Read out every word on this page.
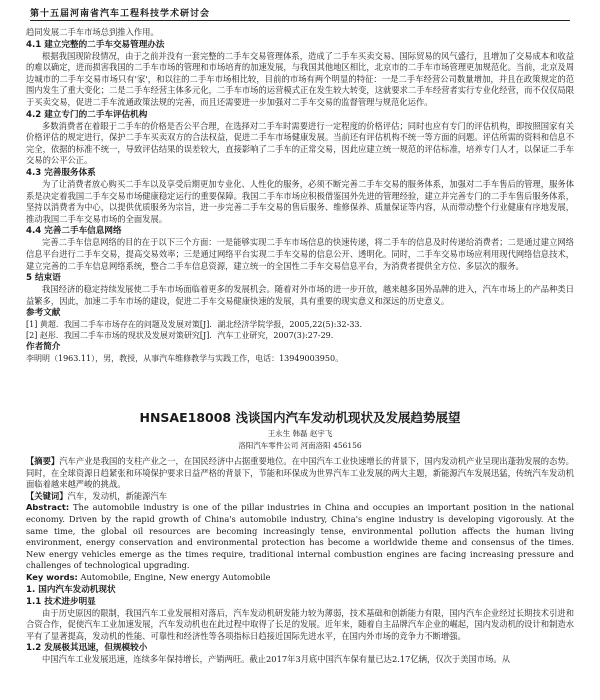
第十五届河南省汽车工程科技学术研讨会

趋同发展二手车市场总到推入作用。

4.1 建立完整的二手车交易管理办法

根据我国现阶段情况，由于之前并没有一套完整的二手车交易管理体系，造成了二手车买卖交易、国际贸易的风气盛行，且增加了交易成本和收益的难以确定，进而损害我国的二手车市场的管理和市场培育的加速发展，与我国其他地区相比，北京市的二手车市场管理更加规范化。当前，北京及周边城市的二手车交易市场只有'家'，和以往的二手车市场相比较，目前的市场有两个明显的特征：一是二手车经营公司数量增加，并且在政策规定的范围内发生了重大变化；二是二手车经营主体多元化，二手车市场的运营模式正在发生较大转变，这就要求二手车经营者实行专业化经营，而不仅仅局限于买卖交易，促进二手车流通政策法规的完善，而且还需要进一步加强对二手车交易的监督管理与规范化运作。

4.2 建立专门的二手车评估机构

多数消费者在着眼于二手车的价格是否公平合理，在选择对二手车时需要进行一定程度的价格评估；同时也应有专门的评估机构，即按照国家有关价格评估的规定进行，保护二手车买卖双方的合法权益，促进二手车市场健康发展。当前还有评估机构不统一等方面的问题。评估所需的资料和信息不完全，依据的标准不统一，导致评估结果的误差较大，直接影响了二手车的正常交易，因此应建立统一规范的评估标准，培养专门人才，以保证二手车交易的公平公正。

4.3 完善服务体系

为了让消费者放心购买二手车以及享受后期更加专业化、人性化的服务，必须不断完善二手车交易的服务体系，加强对二手车售后的管理，服务体系是决定着我国二手车交易市场健康稳定运行的重要保障。我国二手车市场应积极借鉴国外先进的管理经验，建立并完善专门的二手车售后服务体系，坚持以消费者为中心，以提供优质服务为宗旨，进一步完善二手车交易的售后服务、维修保养、质量保证等内容，从而带动整个行业健康有序地发展，推动我国二手车交易市场的全面发展。

4.4 完善二手车信息网络

完善二手车信息网络的目的在于以下三个方面：一是能够实现二手车市场信息的快速传递，将二手车的信息及时传递给消费者；二是通过建立网络信息平台进行二手车交易，提高交易效率；三是通过网络平台实现二手车交易的信息公开、透明化。同时，二手车交易市场应利用现代网络信息技术，建立完善的二手车信息网络系统，整合二手车信息资源，建立统一的全国性二手车交易信息平台，为消费者提供全方位、多层次的服务。

5 结束语

我国经济的稳定持续发展使二手车市场面临着更多的发展机会。随着对外市场的进一步开放，越来越多国外品牌的进入，汽车市场上的产品种类日益繁多，因此，加速二手车市场的建设，促进二手车交易健康快速的发展，具有重要的现实意义和深远的历史意义。

参考文献

[1] 黄超．我国二手车市场存在的问题及发展对策[J]．湖北经济学院学报，2005,22(5):32-33.

[2] 赵彤．我国二手车市场的现状及发展对策研究[J]．汽车工业研究，2007(3):27-29.

作者简介

李明明（1963.11），男，教授，从事汽车维修教学与实践工作，电话：13949003950。

HNSAE18008 浅谈国内汽车发动机现状及发展趋势展望
王永生 韩磊 赵宇飞
洛阳汽车零件公司 河南洛阳 456156

【摘要】汽车产业是我国的支柱产业之一，在国民经济中占据重要地位。在中国汽车工业快速增长的背景下，国内发动机产业呈现出蓬勃发展的态势。同时，在全球资源日趋紧张和环境保护要求日益严格的背景下，节能和环保成为世界汽车工业发展的两大主题，新能源汽车发展迅猛，传统汽车发动机面临着越来越严峻的挑战。

【关键词】汽车，发动机，新能源汽车

Abstract: The automobile industry is one of the pillar industries in China and occupies an important position in the national economy. Driven by the rapid growth of China's automobile industry, China's engine industry is developing vigorously. At the same time, the global oil resources are becoming increasingly tense, environmental pollution affects the human living environment, energy conservation and environmental protection has become a worldwide theme and consensus of the times. New energy vehicles emerge as the times require, traditional internal combustion engines are facing increasing pressure and challenges of technological upgrading.

Key words: Automobile, Engine, New energy Automobile

1. 国内汽车发动机现状

1.1 技术进步明显

由于历史原因的限制，我国汽车工业发展相对落后，汽车发动机研发能力较为薄弱，技术基础和创新能力有限，国内汽车企业经过长期技术引进和合资合作，促使汽车工业加速发展，汽车发动机也在此过程中取得了长足的发展。近年来，随着自主品牌汽车企业的崛起，国内发动机的设计和制造水平有了显著提高，发动机的性能、可靠性和经济性等各项指标日趋接近国际先进水平，在国内外市场的竞争力不断增强。

1.2 发展极其迅速，但规模较小

中国汽车工业发展迅速，连续多年保持增长，产销两旺。截止2017年3月底中国汽车保有量已达2.17亿辆，仅次于美国市场。从
